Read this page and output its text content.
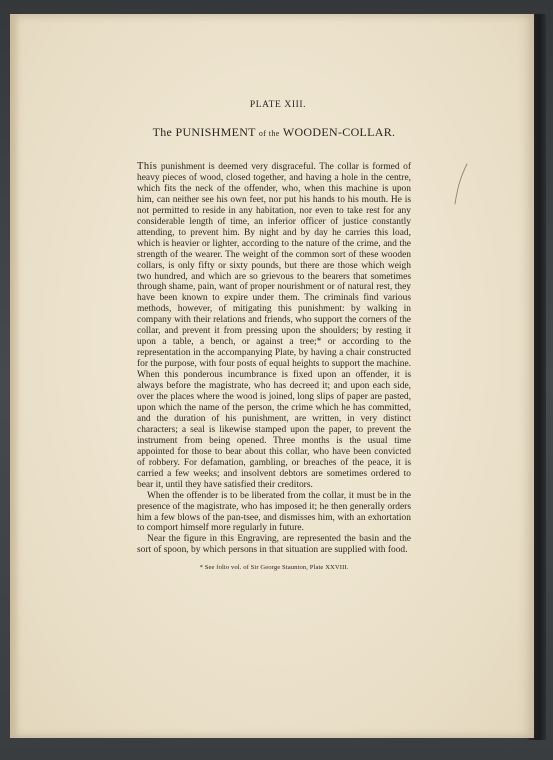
PLATE XIII.
The PUNISHMENT of the WOODEN-COLLAR.

This punishment is deemed very disgraceful. The collar is formed of heavy pieces of wood, closed together, and having a hole in the centre, which fits the neck of the offender, who, when this machine is upon him, can neither see his own feet, nor put his hands to his mouth. He is not permitted to reside in any habitation, nor even to take rest for any considerable length of time, an inferior officer of justice constantly attending, to prevent him. By night and by day he carries this load, which is heavier or lighter, according to the nature of the crime, and the strength of the wearer. The weight of the common sort of these wooden collars, is only fifty or sixty pounds, but there are those which weigh two hundred, and which are so grievous to the bearers that sometimes through shame, pain, want of proper nourishment or of natural rest, they have been known to expire under them. The criminals find various methods, however, of mitigating this punishment: by walking in company with their relations and friends, who support the corners of the collar, and prevent it from pressing upon the shoulders; by resting it upon a table, a bench, or against a tree;* or according to the representation in the accompanying Plate, by having a chair constructed for the purpose, with four posts of equal heights to support the machine. When this ponderous incumbrance is fixed upon an offender, it is always before the magistrate, who has decreed it; and upon each side, over the places where the wood is joined, long slips of paper are pasted, upon which the name of the person, the crime which he has committed, and the duration of his punishment, are written, in very distinct characters; a seal is likewise stamped upon the paper, to prevent the instrument from being opened. Three months is the usual time appointed for those to bear about this collar, who have been convicted of robbery. For defamation, gambling, or breaches of the peace, it is carried a few weeks; and insolvent debtors are sometimes ordered to bear it, until they have satisfied their creditors.

When the offender is to be liberated from the collar, it must be in the presence of the magistrate, who has imposed it; he then generally orders him a few blows of the pan-tsee, and dismisses him, with an exhortation to comport himself more regularly in future.

Near the figure in this Engraving, are represented the basin and the sort of spoon, by which persons in that situation are supplied with food.

* See folio vol. of Sir George Staunton, Plate XXVIII.
